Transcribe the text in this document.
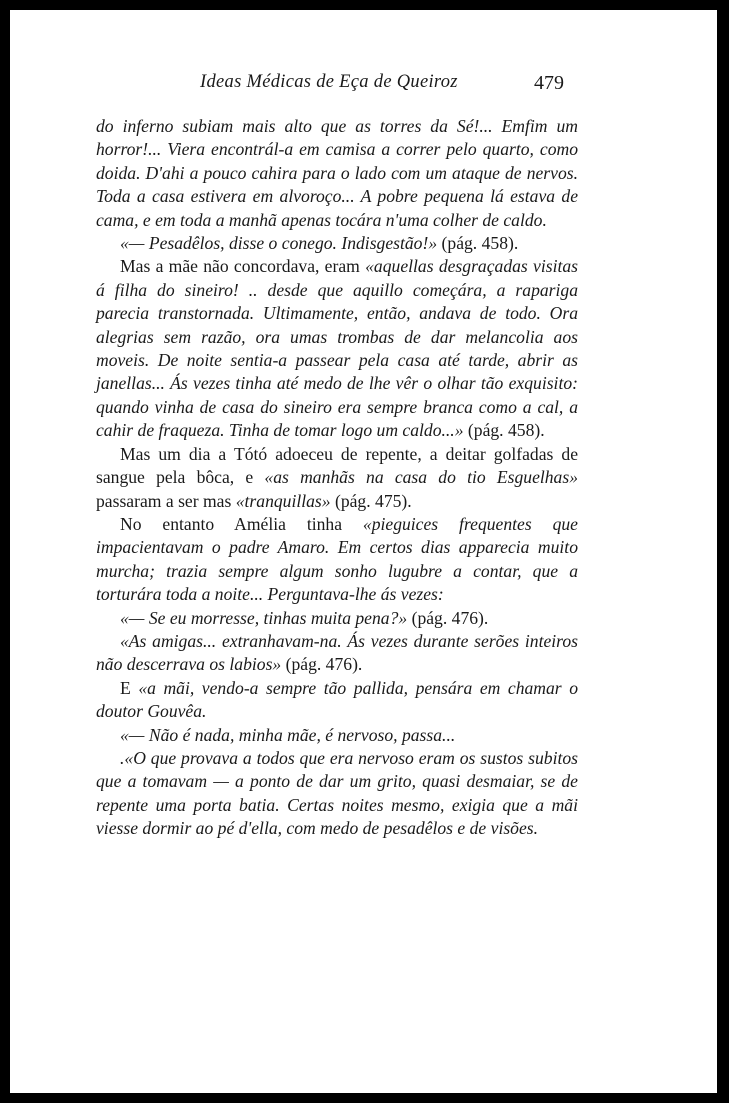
Ideas Médicas de Eça de Queiroz	479

do inferno subiam mais alto que as torres da Sé!... Emfim um horror!... Viera encontrál-a em camisa a correr pelo quarto, como doida. D'ahi a pouco cahira para o lado com um ataque de nervos. Toda a casa estivera em alvoroço... A pobre pequena lá estava de cama, e em toda a manhã apenas tocára n'uma colher de caldo.

«— Pesadêlos, disse o conego. Indisgestão!» (pág. 458).

Mas a mãe não concordava, eram «aquellas desgraçadas visitas á filha do sineiro! .. desde que aquillo começára, a rapariga parecia transtornada. Ultimamente, então, andava de todo. Ora alegrias sem razão, ora umas trombas de dar melancolia aos moveis. De noite sentia-a passear pela casa até tarde, abrir as janellas... Ás vezes tinha até medo de lhe vêr o olhar tão exquisito: quando vinha de casa do sineiro era sempre branca como a cal, a cahir de fraqueza. Tinha de tomar logo um caldo...» (pág. 458).

Mas um dia a Tótó adoeceu de repente, a deitar golfadas de sangue pela bôca, e «as manhãs na casa do tio Esguelhas» passaram a ser mas «tranquillas» (pág. 475).

No entanto Amélia tinha «pieguices frequentes que impacientavam o padre Amaro. Em certos dias apparecia muito murcha; trazia sempre algum sonho lugubre a contar, que a torturára toda a noite... Perguntava-lhe ás vezes:

«— Se eu morresse, tinhas muita pena?» (pág. 476).

«As amigas... extranhavam-na. Ás vezes durante serões inteiros não descerrava os labios» (pág. 476).

E «a mãi, vendo-a sempre tão pallida, pensára em chamar o doutor Gouvêa.

«— Não é nada, minha mãe, é nervoso, passa...

.«O que provava a todos que era nervoso eram os sustos subitos que a tomavam — a ponto de dar um grito, quasi desmaiar, se de repente uma porta batia. Certas noites mesmo, exigia que a mãi viesse dormir ao pé d'ella, com medo de pesadêlos e de visões.
